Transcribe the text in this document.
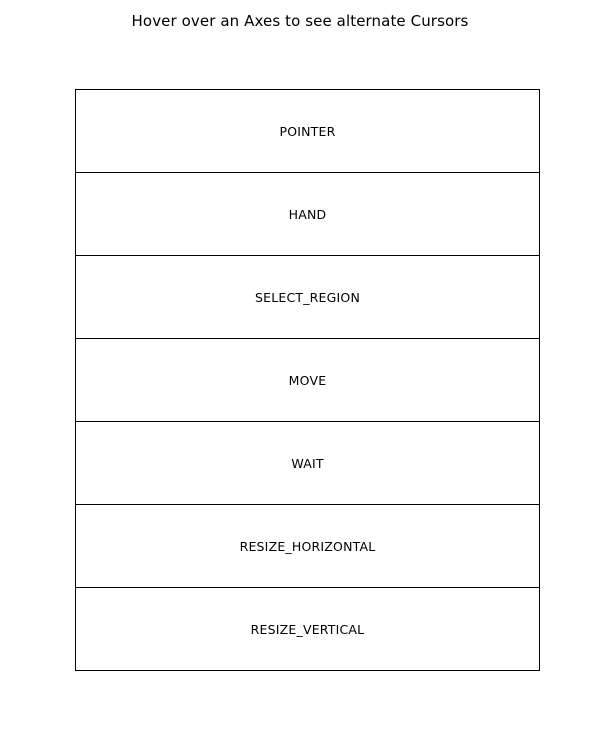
Hover over an Axes to see alternate Cursors
POINTER
HAND
SELECT_REGION
MOVE
WAIT
RESIZE_HORIZONTAL
RESIZE_VERTICAL
